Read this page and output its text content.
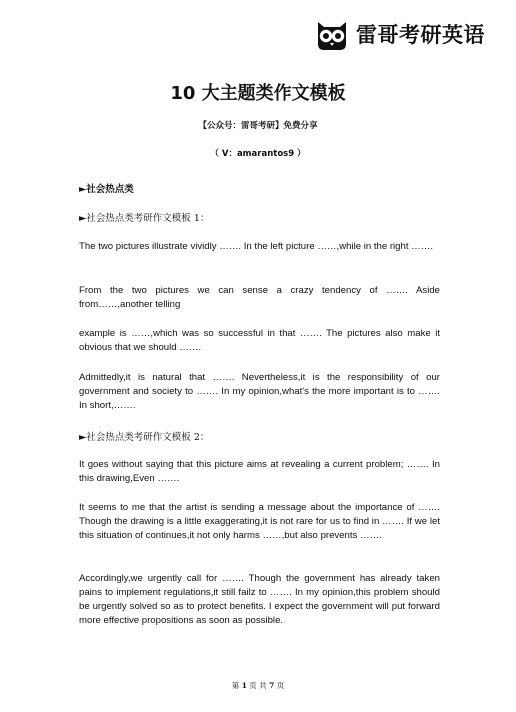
雷哥考研英语
10 大主题类作文模板
【公众号：雷哥考研】免费分享
（ V：amarantos9 ）
►社会热点类
►社会热点类考研作文模板 1：

The two pictures illustrate vividly ……. In the left picture ……,while in the right …….

From the two pictures we can sense a crazy tendency of ……. Aside from……,another telling

example is ……,which was so successful in that ……. The pictures also make it obvious that we should …….

Admittedly,it is natural that ……. Nevertheless,it is the responsibility of our government and society to ……. In my opinion,what's the more important is to ……. In short,…….

►社会热点类考研作文模板 2：

It goes without saying that this picture aims at revealing a current problem; ……. In this drawing,Even …….

It seems to me that the artist is sending a message about the importance of ……. Though the drawing is a little exaggerating,it is not rare for us to find in ……. If we let this situation of continues,it not only harms ……,but also prevents …….

Accordingly,we urgently call for ……. Though the government has already taken pains to implement regulations,it still failz to ……. In my opinion,this problem should be urgently solved so as to protect benefits. I expect the government will put forward more effective propositions as soon as possible.

第 1 页 共 7 页
